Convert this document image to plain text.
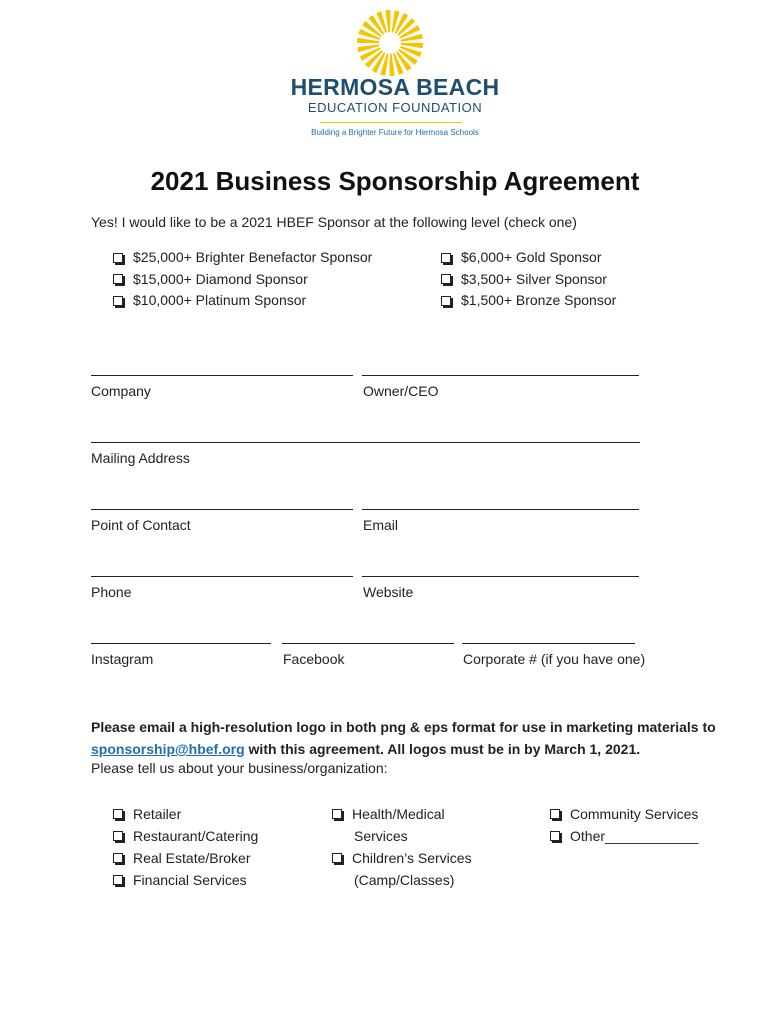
HERMOSA BEACH
EDUCATION FOUNDATION
Building a Brighter Future for Hermosa Schools
2021 Business Sponsorship Agreement
Yes! I would like to be a 2021 HBEF Sponsor at the following level (check one)
$25,000+ Brighter Benefactor Sponsor
$15,000+ Diamond Sponsor
$10,000+ Platinum Sponsor
$6,000+ Gold Sponsor
$3,500+ Silver Sponsor
$1,500+ Bronze Sponsor
Company	Owner/CEO
Mailing Address
Point of Contact	Email
Phone	Website
Instagram	Facebook	Corporate # (if you have one)
Please email a high-resolution logo in both png & eps format for use in marketing materials to
sponsorship@hbef.org with this agreement. All logos must be in by March 1, 2021.
Please tell us about your business/organization:
Retailer
Restaurant/Catering
Real Estate/Broker
Financial Services
Health/Medical
Services
Children’s Services
(Camp/Classes)
Community Services
Other____________
